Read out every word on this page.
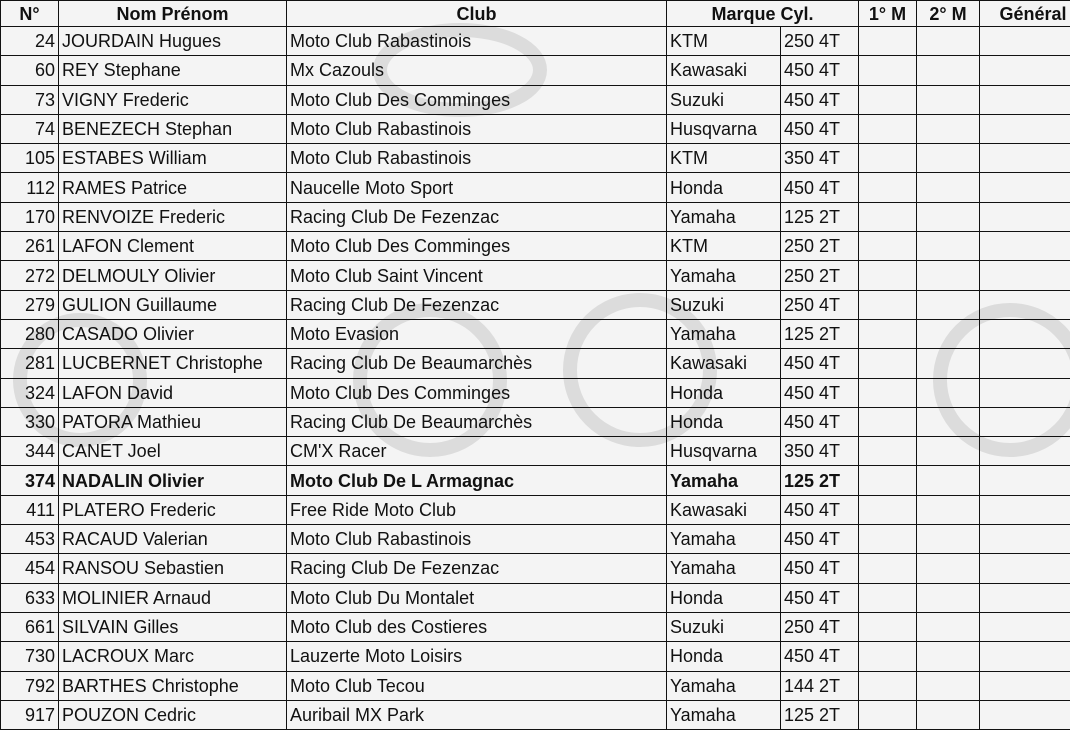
N°	Nom Prénom	Club	Marque Cyl.		1° M	2° M	Général
24	JOURDAIN Hugues	Moto Club Rabastinois	KTM	250 4T			
60	REY Stephane	Mx Cazouls	Kawasaki	450 4T			
73	VIGNY Frederic	Moto Club Des Comminges	Suzuki	450 4T			
74	BENEZECH Stephan	Moto Club Rabastinois	Husqvarna	450 4T			
105	ESTABES William	Moto Club Rabastinois	KTM	350 4T			
112	RAMES Patrice	Naucelle Moto Sport	Honda	450 4T			
170	RENVOIZE Frederic	Racing Club De Fezenzac	Yamaha	125 2T			
261	LAFON Clement	Moto Club Des Comminges	KTM	250 2T			
272	DELMOULY Olivier	Moto Club Saint Vincent	Yamaha	250 2T			
279	GULION Guillaume	Racing Club De Fezenzac	Suzuki	250 4T			
280	CASADO Olivier	Moto Evasion	Yamaha	125 2T			
281	LUCBERNET Christophe	Racing Club De Beaumarchès	Kawasaki	450 4T			
324	LAFON David	Moto Club Des Comminges	Honda	450 4T			
330	PATORA Mathieu	Racing Club De Beaumarchès	Honda	450 4T			
344	CANET Joel	CM'X Racer	Husqvarna	350 4T			
374	NADALIN Olivier	Moto Club De L Armagnac	Yamaha	125 2T			
411	PLATERO Frederic	Free Ride Moto Club	Kawasaki	450 4T			
453	RACAUD Valerian	Moto Club Rabastinois	Yamaha	450 4T			
454	RANSOU Sebastien	Racing Club De Fezenzac	Yamaha	450 4T			
633	MOLINIER Arnaud	Moto Club Du Montalet	Honda	450 4T			
661	SILVAIN Gilles	Moto Club des Costieres	Suzuki	250 4T			
730	LACROUX Marc	Lauzerte Moto Loisirs	Honda	450 4T			
792	BARTHES Christophe	Moto Club Tecou	Yamaha	144 2T			
917	POUZON Cedric	Auribail MX Park	Yamaha	125 2T			
